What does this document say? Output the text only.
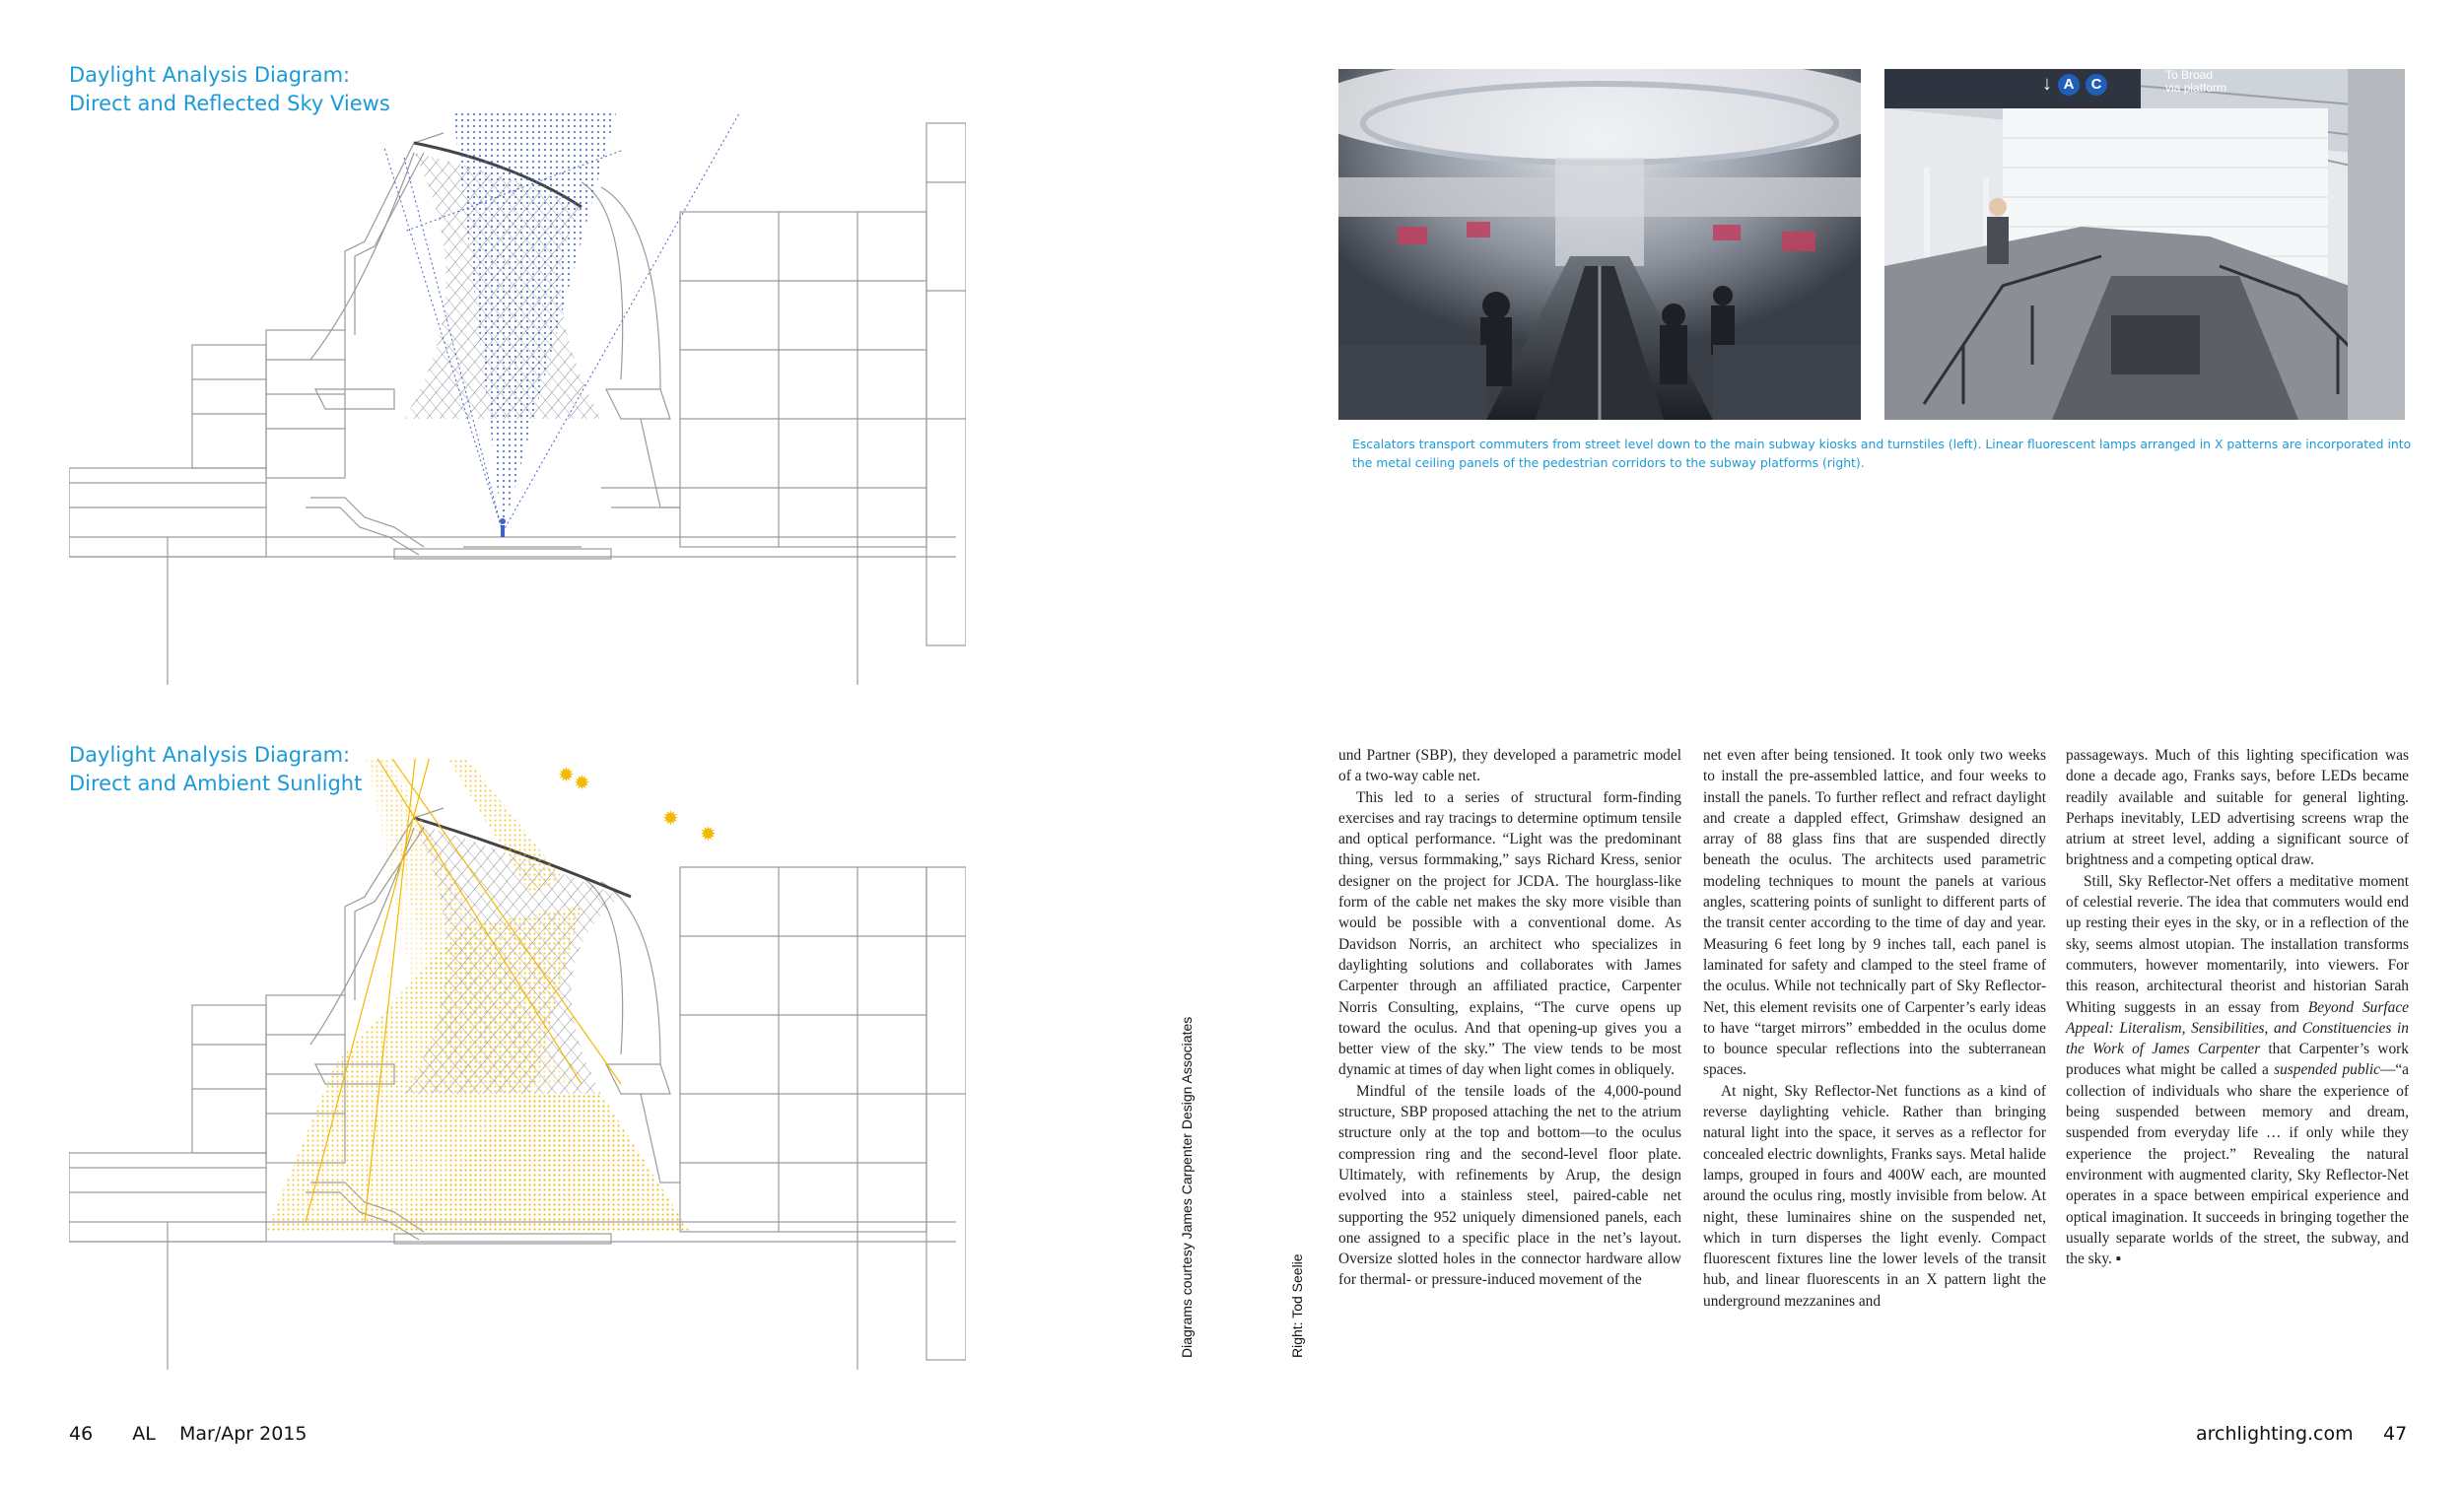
Daylight Analysis Diagram:
Direct and Reflected Sky Views
Daylight Analysis Diagram:
Direct and Ambient Sunlight	✹ ✹
✹
✹
Diagrams courtesy James Carpenter Design Associates	Right: Tod Seelie
46 AL Mar/Apr 2015
↓ A	C
To Broad
via platform
Escalators transport commuters from street level down to the main subway kiosks and turnstiles (left). Linear fluorescent lamps arranged in X patterns are incorporated into the metal ceiling panels of the pedestrian corridors to the subway platforms (right).

und Partner (SBP), they developed a parametric model of a two-way cable net.

This led to a series of structural form-finding exercises and ray tracings to determine optimum tensile and optical performance. “Light was the predominant thing, versus formmaking,” says Richard Kress, senior designer on the project for JCDA. The hourglass-like form of the cable net makes the sky more visible than would be possible with a conventional dome. As Davidson Norris, an architect who specializes in daylighting solutions and collaborates with James Carpenter through an affiliated practice, Carpenter Norris Consulting, explains, “The curve opens up toward the oculus. And that opening-up gives you a better view of the sky.” The view tends to be most dynamic at times of day when light comes in obliquely.

Mindful of the tensile loads of the 4,000-pound structure, SBP proposed attaching the net to the atrium structure only at the top and bottom—to the oculus compression ring and the second-level floor plate. Ultimately, with refinements by Arup, the design evolved into a stainless steel, paired-cable net supporting the 952 uniquely dimensioned panels, each one assigned to a specific place in the net’s layout. Oversize slotted holes in the connector hardware allow for thermal- or pressure-induced movement of the

net even after being tensioned. It took only two weeks to install the pre-assembled lattice, and four weeks to install the panels. To further reflect and refract daylight and create a dappled effect, Grimshaw designed an array of 88 glass fins that are suspended directly beneath the oculus. The architects used parametric modeling techniques to mount the panels at various angles, scattering points of sunlight to different parts of the transit center according to the time of day and year. Measuring 6 feet long by 9 inches tall, each panel is laminated for safety and clamped to the steel frame of the oculus. While not technically part of Sky Reflector-Net, this element revisits one of Carpenter’s early ideas to have “target mirrors” embedded in the oculus dome to bounce specular reflections into the subterranean spaces.

At night, Sky Reflector-Net functions as a kind of reverse daylighting vehicle. Rather than bringing natural light into the space, it serves as a reflector for concealed electric downlights, Franks says. Metal halide lamps, grouped in fours and 400W each, are mounted around the oculus ring, mostly invisible from below. At night, these luminaires shine on the suspended net, which in turn disperses the light evenly. Compact fluorescent fixtures line the lower levels of the transit hub, and linear fluorescents in an X pattern light the underground mezzanines and

passageways. Much of this lighting specification was done a decade ago, Franks says, before LEDs became readily available and suitable for general lighting. Perhaps inevitably, LED advertising screens wrap the atrium at street level, adding a significant source of brightness and a competing optical draw.

Still, Sky Reflector-Net offers a meditative moment of celestial reverie. The idea that commuters would end up resting their eyes in the sky, or in a reflection of the sky, seems almost utopian. The installation transforms commuters, however momentarily, into viewers. For this reason, architectural theorist and historian Sarah Whiting suggests in an essay from Beyond Surface Appeal: Literalism, Sensibilities, and Constituencies in the Work of James Carpenter that Carpenter’s work produces what might be called a suspended public—“a collection of individuals who share the experience of being suspended between memory and dream, suspended from everyday life … if only while they experience the project.” Revealing the natural environment with augmented clarity, Sky Reflector-Net operates in a space between empirical experience and optical imagination. It succeeds in bringing together the usually separate worlds of the street, the subway, and the sky. ▪

archlighting.com 47
